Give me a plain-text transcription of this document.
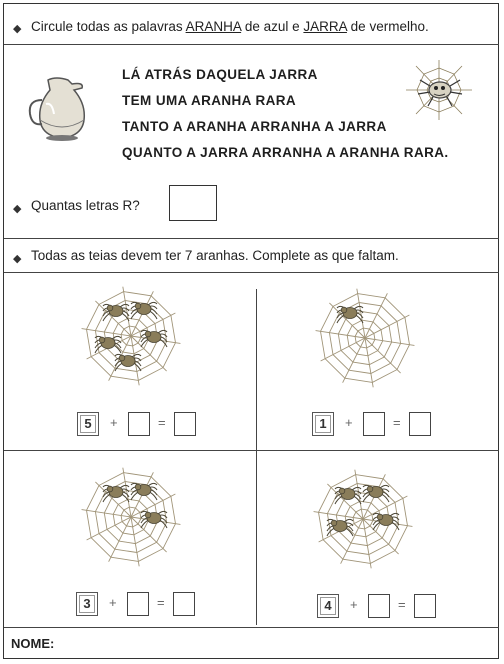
◆ Circule todas as palavras ARANHA de azul e JARRA de vermelho.
LÁ ATRÁS DAQUELA JARRA
TEM UMA ARANHA RARA
TANTO A ARANHA ARRANHA A JARRA
QUANTO A JARRA ARRANHA A ARANHA RARA.
◆ Quantas letras R?
◆ Todas as teias devem ter 7 aranhas. Complete as que faltam.
5	+	=	1	+	=
3	+	=	4	+	=
NOME:
